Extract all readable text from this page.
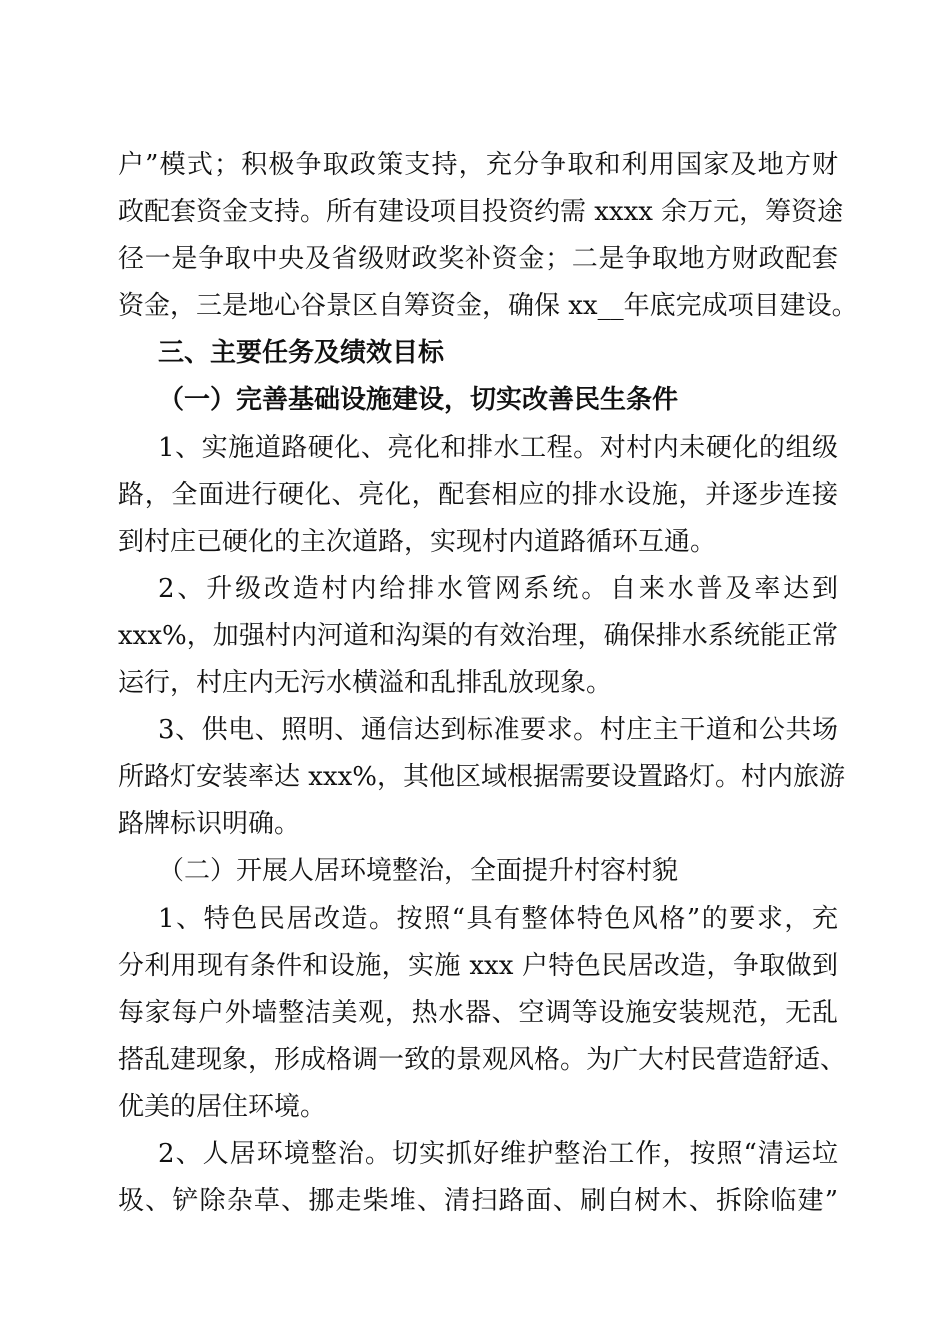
户”模式；积极争取政策支持，充分争取和利用国家及地方财
政配套资金支持。所有建设项目投资约需 xxxx 余万元，筹资途
径一是争取中央及省级财政奖补资金；二是争取地方财政配套
资金，三是地心谷景区自筹资金，确保 xx__年底完成项目建设。
三、主要任务及绩效目标
（一）完善基础设施建设，切实改善民生条件
1、实施道路硬化、亮化和排水工程。对村内未硬化的组级
路，全面进行硬化、亮化，配套相应的排水设施，并逐步连接
到村庄已硬化的主次道路，实现村内道路循环互通。
2、升级改造村内给排水管网系统。自来水普及率达到
xxx%，加强村内河道和沟渠的有效治理，确保排水系统能正常
运行，村庄内无污水横溢和乱排乱放现象。
3、供电、照明、通信达到标准要求。村庄主干道和公共场
所路灯安装率达 xxx%，其他区域根据需要设置路灯。村内旅游
路牌标识明确。
（二）开展人居环境整治，全面提升村容村貌
1、特色民居改造。按照“具有整体特色风格”的要求，充
分利用现有条件和设施，实施 xxx 户特色民居改造，争取做到
每家每户外墙整洁美观，热水器、空调等设施安装规范，无乱
搭乱建现象，形成格调一致的景观风格。为广大村民营造舒适、
优美的居住环境。
2、人居环境整治。切实抓好维护整治工作，按照“清运垃
圾、铲除杂草、挪走柴堆、清扫路面、刷白树木、拆除临建”
